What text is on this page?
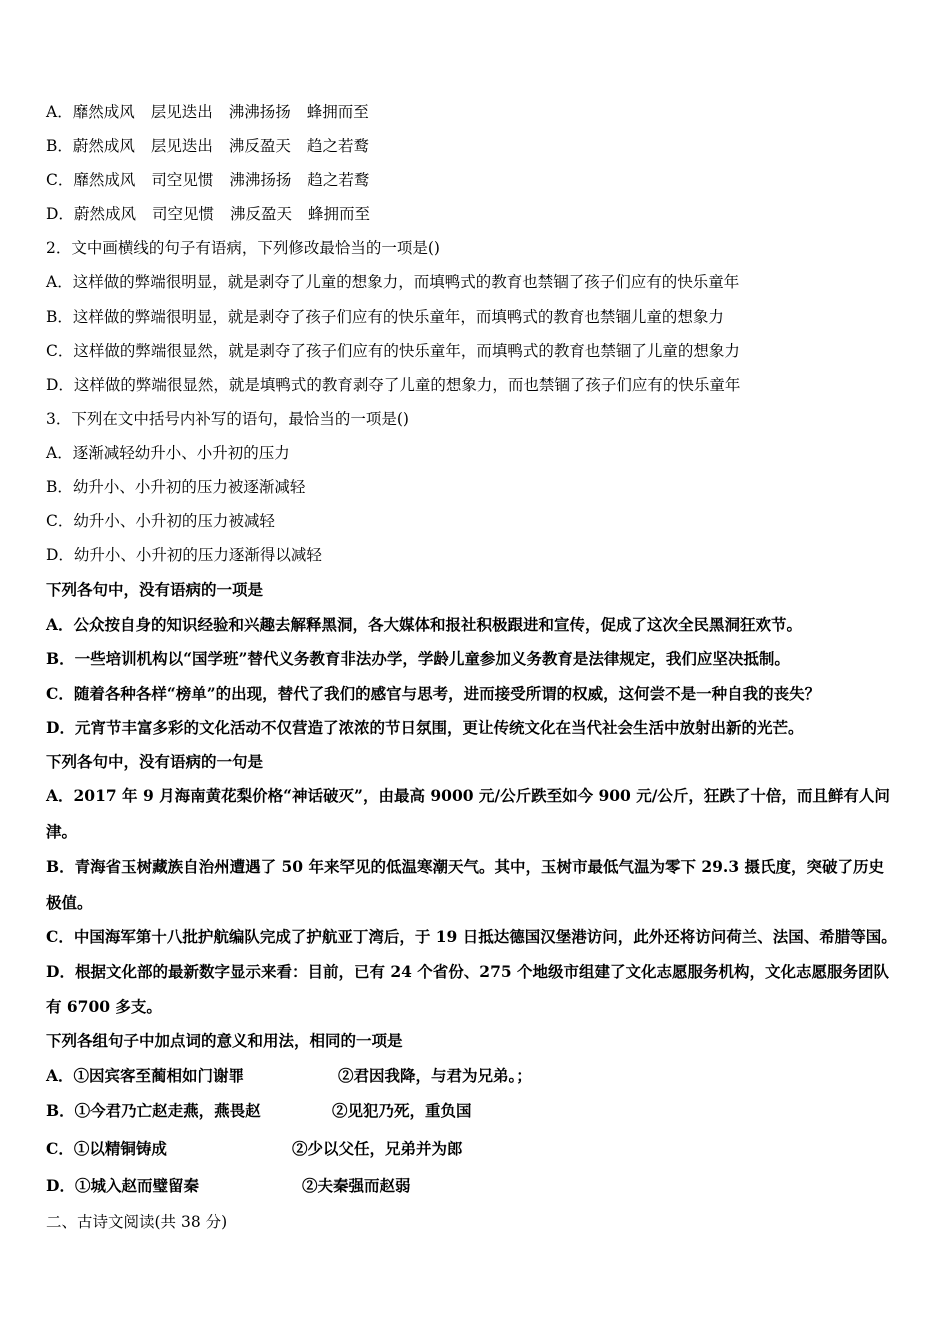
A．靡然成风 层见迭出 沸沸扬扬 蜂拥而至
B．蔚然成风 层见迭出 沸反盈天 趋之若鹜
C．靡然成风 司空见惯 沸沸扬扬 趋之若鹜
D．蔚然成风 司空见惯 沸反盈天 蜂拥而至
2．文中画横线的句子有语病，下列修改最恰当的一项是()
A．这样做的弊端很明显，就是剥夺了儿童的想象力，而填鸭式的教育也禁锢了孩子们应有的快乐童年
B．这样做的弊端很明显，就是剥夺了孩子们应有的快乐童年，而填鸭式的教育也禁锢儿童的想象力
C．这样做的弊端很显然，就是剥夺了孩子们应有的快乐童年，而填鸭式的教育也禁锢了儿童的想象力
D．这样做的弊端很显然，就是填鸭式的教育剥夺了儿童的想象力，而也禁锢了孩子们应有的快乐童年
3．下列在文中括号内补写的语句，最恰当的一项是()
A．逐渐减轻幼升小、小升初的压力
B．幼升小、小升初的压力被逐渐减轻
C．幼升小、小升初的压力被减轻
D．幼升小、小升初的压力逐渐得以减轻
下列各句中，没有语病的一项是
A．公众按自身的知识经验和兴趣去解释黑洞，各大媒体和报社积极跟进和宣传，促成了这次全民黑洞狂欢节。
B．一些培训机构以“国学班”替代义务教育非法办学，学龄儿童参加义务教育是法律规定，我们应坚决抵制。
C．随着各种各样“榜单”的出现，替代了我们的感官与思考，进而接受所谓的权威，这何尝不是一种自我的丧失？
D．元宵节丰富多彩的文化活动不仅营造了浓浓的节日氛围，更让传统文化在当代社会生活中放射出新的光芒。
下列各句中，没有语病的一句是
A．2017 年 9 月海南黄花梨价格“神话破灭”，由最高 9000 元/公斤跌至如今 900 元/公斤，狂跌了十倍，而且鲜有人问
津。
B．青海省玉树藏族自治州遭遇了 50 年来罕见的低温寒潮天气。其中，玉树市最低气温为零下 29.3 摄氏度，突破了历史
极值。
C．中国海军第十八批护航编队完成了护航亚丁湾后，于 19 日抵达德国汉堡港访问，此外还将访问荷兰、法国、希腊等国。
D．根据文化部的最新数字显示来看：目前，已有 24 个省份、275 个地级市组建了文化志愿服务机构，文化志愿服务团队
有 6700 多支。
下列各组句子中加点词的意义和用法，相同的一项是
A．①因宾客至蔺相如门谢罪	②君因我降，与君为兄弟。；
B．①今君乃亡赵走燕，燕畏赵	②见犯乃死，重负国
C．①以精铜铸成	②少以父任，兄弟并为郎
D．①城入赵而璧留秦	②夫秦强而赵弱
二、古诗文阅读(共 38 分)
